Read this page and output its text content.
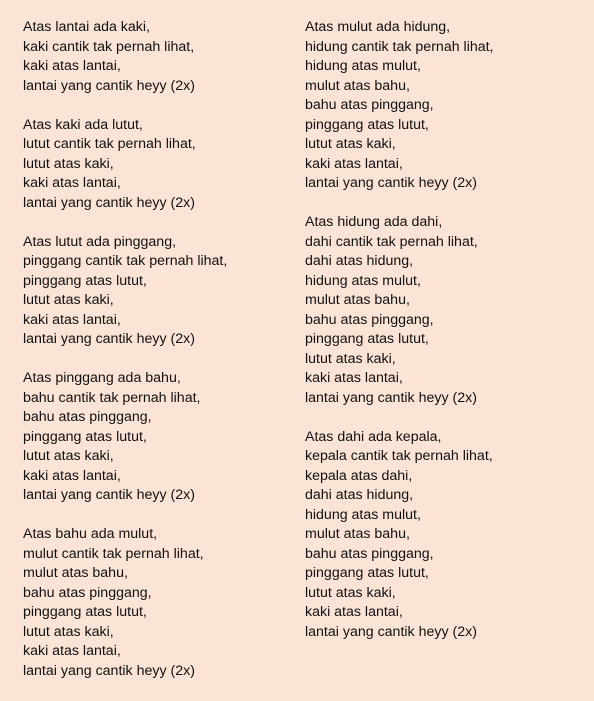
Atas lantai ada kaki,
kaki cantik tak pernah lihat,
kaki atas lantai,
lantai yang cantik heyy (2x)
Atas kaki ada lutut,
lutut cantik tak pernah lihat,
lutut atas kaki,
kaki atas lantai,
lantai yang cantik heyy (2x)
Atas lutut ada pinggang,
pinggang cantik tak pernah lihat,
pinggang atas lutut,
lutut atas kaki,
kaki atas lantai,
lantai yang cantik heyy (2x)
Atas pinggang ada bahu,
bahu cantik tak pernah lihat,
bahu atas pinggang,
pinggang atas lutut,
lutut atas kaki,
kaki atas lantai,
lantai yang cantik heyy (2x)
Atas bahu ada mulut,
mulut cantik tak pernah lihat,
mulut atas bahu,
bahu atas pinggang,
pinggang atas lutut,
lutut atas kaki,
kaki atas lantai,
lantai yang cantik heyy (2x)
Atas mulut ada hidung,
hidung cantik tak pernah lihat,
hidung atas mulut,
mulut atas bahu,
bahu atas pinggang,
pinggang atas lutut,
lutut atas kaki,
kaki atas lantai,
lantai yang cantik heyy (2x)
Atas hidung ada dahi,
dahi cantik tak pernah lihat,
dahi atas hidung,
hidung atas mulut,
mulut atas bahu,
bahu atas pinggang,
pinggang atas lutut,
lutut atas kaki,
kaki atas lantai,
lantai yang cantik heyy (2x)
Atas dahi ada kepala,
kepala cantik tak pernah lihat,
kepala atas dahi,
dahi atas hidung,
hidung atas mulut,
mulut atas bahu,
bahu atas pinggang,
pinggang atas lutut,
lutut atas kaki,
kaki atas lantai,
lantai yang cantik heyy (2x)
